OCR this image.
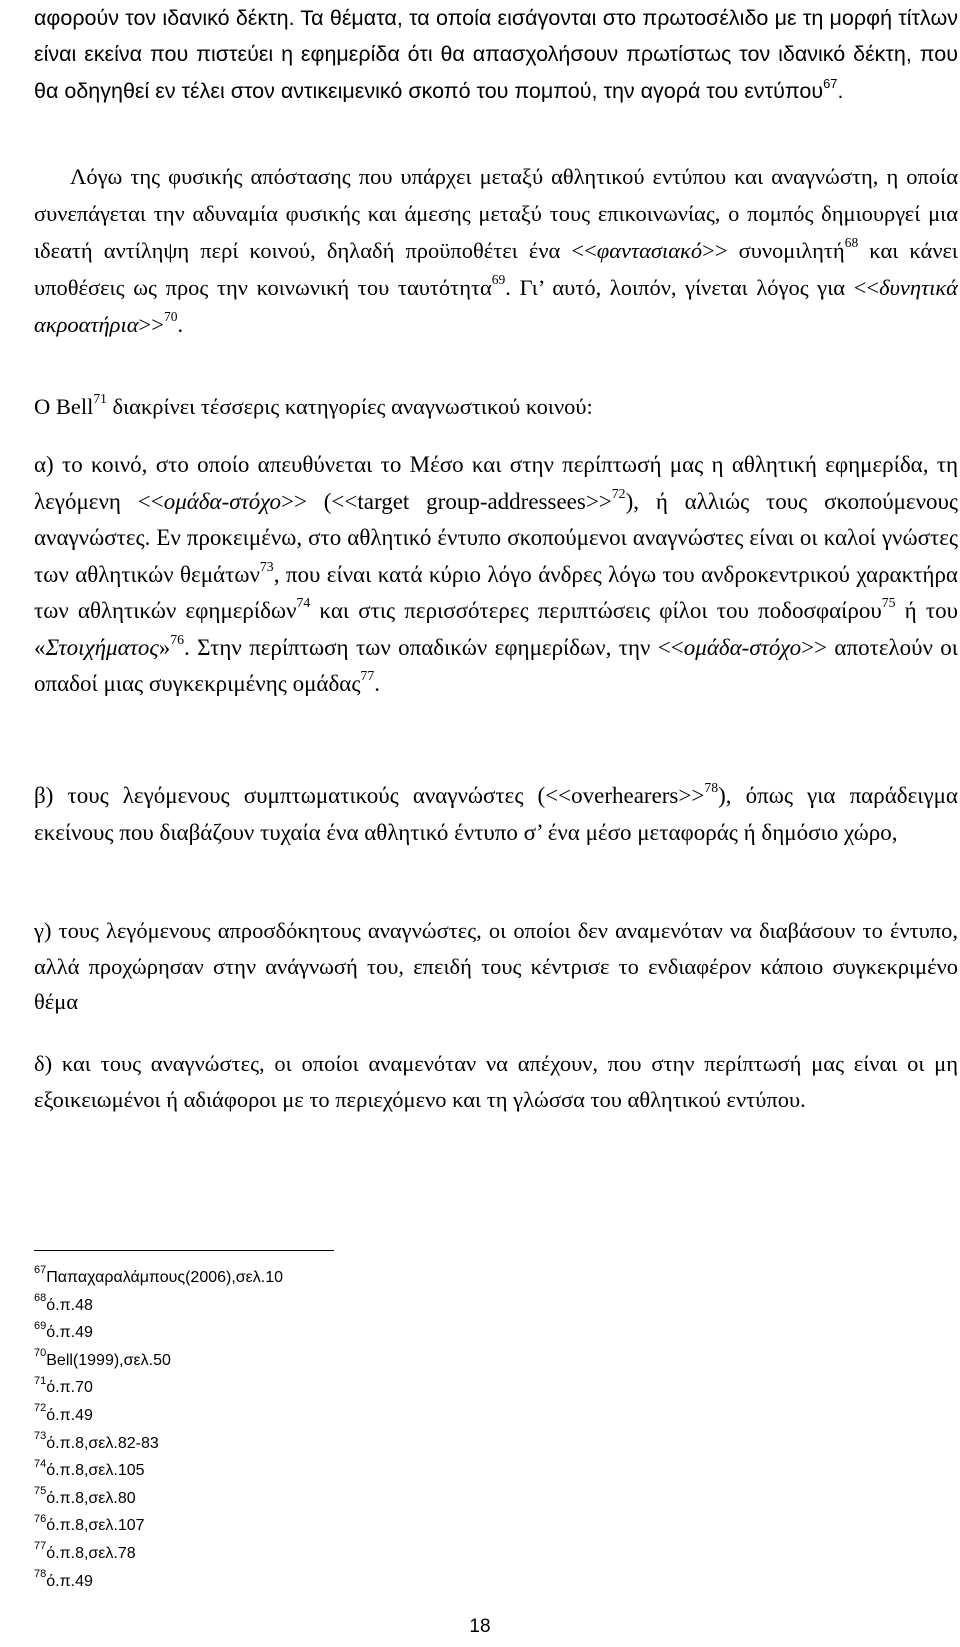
αφορούν τον ιδανικό δέκτη. Τα θέματα, τα οποία εισάγονται στο πρωτοσέλιδο με τη μορφή τίτλων είναι εκείνα που πιστεύει η εφημερίδα ότι θα απασχολήσουν πρωτίστως τον ιδανικό δέκτη, που θα οδηγηθεί εν τέλει στον αντικειμενικό σκοπό του πομπού, την αγορά του εντύπου$^{67}$.

Λόγω της φυσικής απόστασης που υπάρχει μεταξύ αθλητικού εντύπου και αναγνώστη, η οποία συνεπάγεται την αδυναμία φυσικής και άμεσης μεταξύ τους επικοινωνίας, ο πομπός δημιουργεί μια ιδεατή αντίληψη περί κοινού, δηλαδή προϋποθέτει ένα <<φαντασιακό>> συνομιλητή$^{68}$ και κάνει υποθέσεις ως προς την κοινωνική του ταυτότητα$^{69}$. Γι’ αυτό, λοιπόν, γίνεται λόγος για <<δυνητικά ακροατήρια>>$^{70}$.

Ο Bell$^{71}$ διακρίνει τέσσερις κατηγορίες αναγνωστικού κοινού:

α) το κοινό, στο οποίο απευθύνεται το Μέσο και στην περίπτωσή μας η αθλητική εφημερίδα, τη λεγόμενη <<ομάδα-στόχο>> (<<target group-addressees>>$^{72}$), ή αλλιώς τους σκοπούμενους αναγνώστες. Εν προκειμένω, στο αθλητικό έντυπο σκοπούμενοι αναγνώστες είναι οι καλοί γνώστες των αθλητικών θεμάτων$^{73}$, που είναι κατά κύριο λόγο άνδρες λόγω του ανδροκεντρικού χαρακτήρα των αθλητικών εφημερίδων$^{74}$ και στις περισσότερες περιπτώσεις φίλοι του ποδοσφαίρου$^{75}$ ή του «Στοιχήματος»$^{76}$. Στην περίπτωση των οπαδικών εφημερίδων, την <<ομάδα-στόχο>> αποτελούν οι οπαδοί μιας συγκεκριμένης ομάδας$^{77}$.

β) τους λεγόμενους συμπτωματικούς αναγνώστες (<<overhearers>>$^{78}$), όπως για παράδειγμα εκείνους που διαβάζουν τυχαία ένα αθλητικό έντυπο σ’ ένα μέσο μεταφοράς ή δημόσιο χώρο,

γ) τους λεγόμενους απροσδόκητους αναγνώστες, οι οποίοι δεν αναμενόταν να διαβάσουν το έντυπο, αλλά προχώρησαν στην ανάγνωσή του, επειδή τους κέντρισε το ενδιαφέρον κάποιο συγκεκριμένο θέμα

δ) και τους αναγνώστες, οι οποίοι αναμενόταν να απέχουν, που στην περίπτωσή μας είναι οι μη εξοικειωμένοι ή αδιάφοροι με το περιεχόμενο και τη γλώσσα του αθλητικού εντύπου.

$^{67}$Παπαχαραλάμπους(2006),σελ.10
$^{68}$ό.π.48
$^{69}$ό.π.49
$^{70}$Bell(1999),σελ.50
$^{71}$ό.π.70
$^{72}$ό.π.49
$^{73}$ό.π.8,σελ.82-83
$^{74}$ό.π.8,σελ.105
$^{75}$ό.π.8,σελ.80
$^{76}$ό.π.8,σελ.107
$^{77}$ό.π.8,σελ.78
$^{78}$ό.π.49
18
